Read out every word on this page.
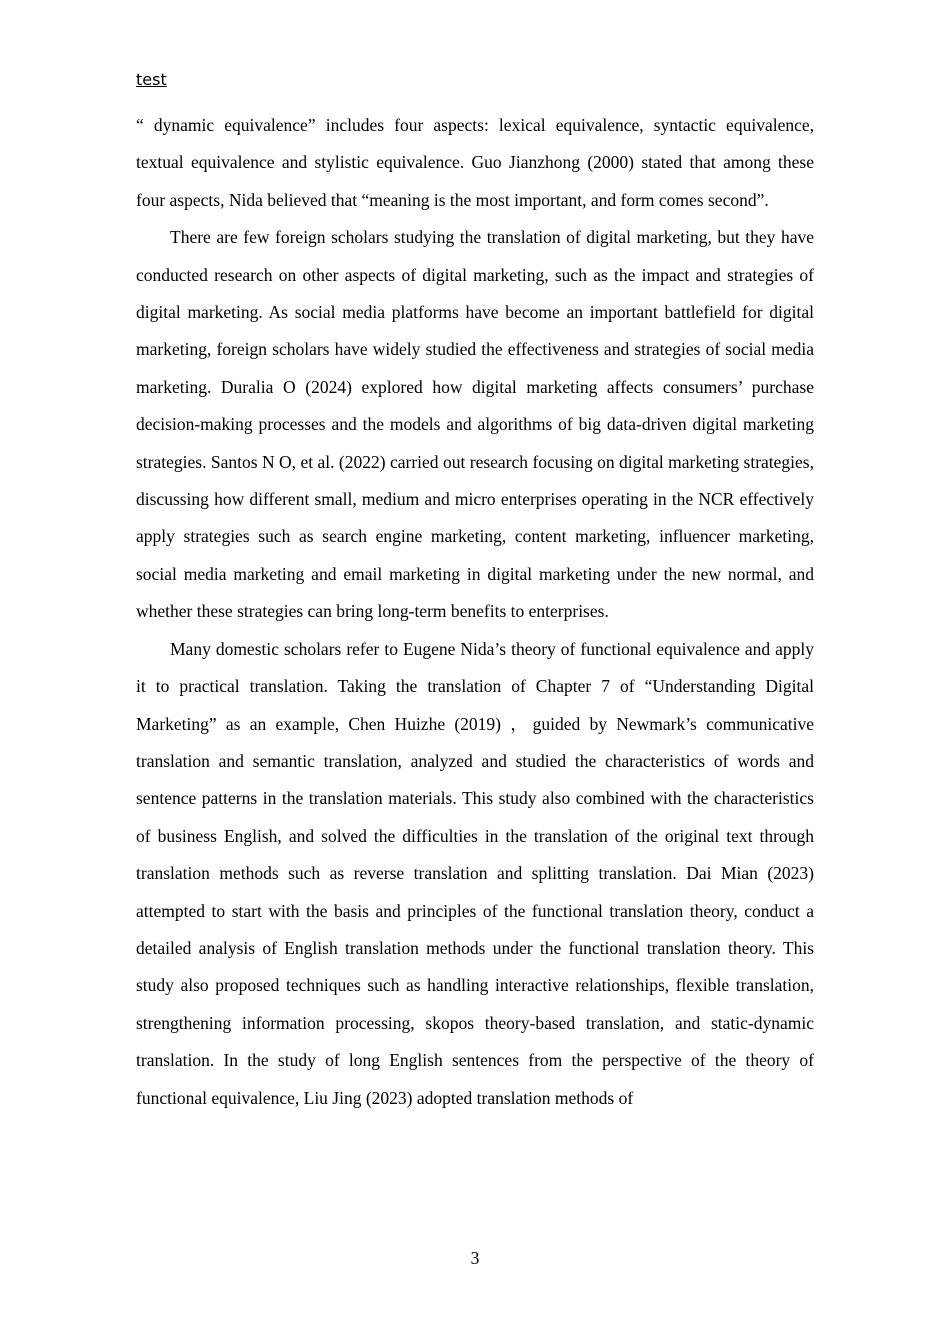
test

“ dynamic equivalence” includes four aspects: lexical equivalence, syntactic equivalence, textual equivalence and stylistic equivalence. Guo Jianzhong (2000) stated that among these four aspects, Nida believed that “meaning is the most important, and form comes second”.

There are few foreign scholars studying the translation of digital marketing, but they have conducted research on other aspects of digital marketing, such as the impact and strategies of digital marketing. As social media platforms have become an important battlefield for digital marketing, foreign scholars have widely studied the effectiveness and strategies of social media marketing. Duralia O (2024) explored how digital marketing affects consumers’ purchase decision-making processes and the models and algorithms of big data-driven digital marketing strategies. Santos N O, et al. (2022) carried out research focusing on digital marketing strategies, discussing how different small, medium and micro enterprises operating in the NCR effectively apply strategies such as search engine marketing, content marketing, influencer marketing, social media marketing and email marketing in digital marketing under the new normal, and whether these strategies can bring long-term benefits to enterprises.

Many domestic scholars refer to Eugene Nida’s theory of functional equivalence and apply it to practical translation. Taking the translation of Chapter 7 of “Understanding Digital Marketing” as an example, Chen Huizhe (2019) ，guided by Newmark’s communicative translation and semantic translation, analyzed and studied the characteristics of words and sentence patterns in the translation materials. This study also combined with the characteristics of business English, and solved the difficulties in the translation of the original text through translation methods such as reverse translation and splitting translation. Dai Mian (2023) attempted to start with the basis and principles of the functional translation theory, conduct a detailed analysis of English translation methods under the functional translation theory. This study also proposed techniques such as handling interactive relationships, flexible translation, strengthening information processing, skopos theory-based translation, and static-dynamic translation. In the study of long English sentences from the perspective of the theory of functional equivalence, Liu Jing (2023) adopted translation methods of

3
